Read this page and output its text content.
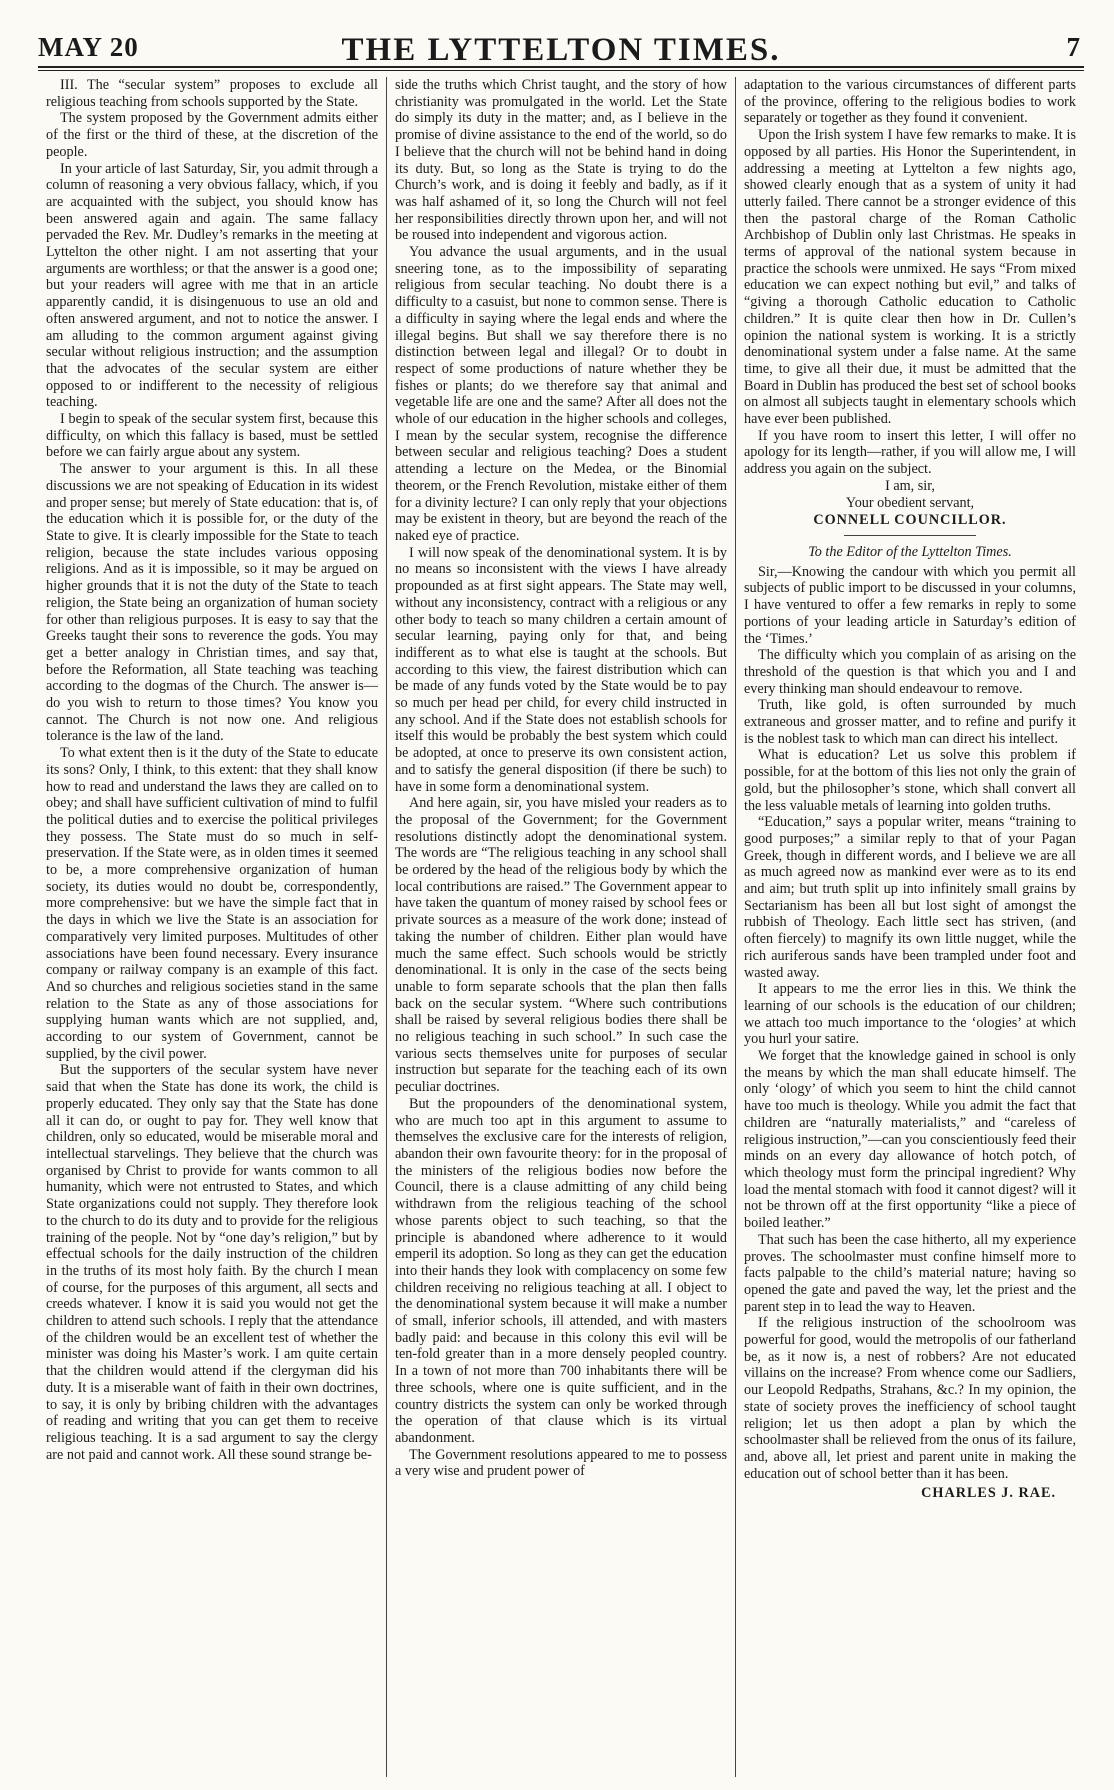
MAY 20	THE LYTTELTON TIMES.	7

III. The “secular system” proposes to exclude all religious teaching from schools supported by the State.

The system proposed by the Government admits either of the first or the third of these, at the discretion of the people.

In your article of last Saturday, Sir, you admit through a column of reasoning a very obvious fallacy, which, if you are acquainted with the subject, you should know has been answered again and again. The same fallacy pervaded the Rev. Mr. Dudley’s remarks in the meeting at Lyttelton the other night. I am not asserting that your arguments are worthless; or that the answer is a good one; but your readers will agree with me that in an article apparently candid, it is disingenuous to use an old and often answered argument, and not to notice the answer. I am alluding to the common argument against giving secular without religious instruction; and the assumption that the advocates of the secular system are either opposed to or indifferent to the necessity of religious teaching.

I begin to speak of the secular system first, because this difficulty, on which this fallacy is based, must be settled before we can fairly argue about any system.

The answer to your argument is this. In all these discussions we are not speaking of Education in its widest and proper sense; but merely of State education: that is, of the education which it is possible for, or the duty of the State to give. It is clearly impossible for the State to teach religion, because the state includes various opposing religions. And as it is impossible, so it may be argued on higher grounds that it is not the duty of the State to teach religion, the State being an organization of human society for other than religious purposes. It is easy to say that the Greeks taught their sons to reverence the gods. You may get a better analogy in Christian times, and say that, before the Reformation, all State teaching was teaching according to the dogmas of the Church. The answer is—do you wish to return to those times? You know you cannot. The Church is not now one. And religious tolerance is the law of the land.

To what extent then is it the duty of the State to educate its sons? Only, I think, to this extent: that they shall know how to read and understand the laws they are called on to obey; and shall have sufficient cultivation of mind to fulfil the political duties and to exercise the political privileges they possess. The State must do so much in self-preservation. If the State were, as in olden times it seemed to be, a more comprehensive organization of human society, its duties would no doubt be, correspondently, more comprehensive: but we have the simple fact that in the days in which we live the State is an association for comparatively very limited purposes. Multitudes of other associations have been found necessary. Every insurance company or railway company is an example of this fact. And so churches and religious societies stand in the same relation to the State as any of those associations for supplying human wants which are not supplied, and, according to our system of Government, cannot be supplied, by the civil power.

But the supporters of the secular system have never said that when the State has done its work, the child is properly educated. They only say that the State has done all it can do, or ought to pay for. They well know that children, only so educated, would be miserable moral and intellectual starvelings. They believe that the church was organised by Christ to provide for wants common to all humanity, which were not entrusted to States, and which State organizations could not supply. They therefore look to the church to do its duty and to provide for the religious training of the people. Not by “one day’s religion,” but by effectual schools for the daily instruction of the children in the truths of its most holy faith. By the church I mean of course, for the purposes of this argument, all sects and creeds whatever. I know it is said you would not get the children to attend such schools. I reply that the attendance of the children would be an excellent test of whether the minister was doing his Master’s work. I am quite certain that the children would attend if the clergyman did his duty. It is a miserable want of faith in their own doctrines, to say, it is only by bribing children with the advantages of reading and writing that you can get them to receive religious teaching. It is a sad argument to say the clergy are not paid and cannot work. All these sound strange be-

side the truths which Christ taught, and the story of how christianity was promulgated in the world. Let the State do simply its duty in the matter; and, as I believe in the promise of divine assistance to the end of the world, so do I believe that the church will not be behind hand in doing its duty. But, so long as the State is trying to do the Church’s work, and is doing it feebly and badly, as if it was half ashamed of it, so long the Church will not feel her responsibilities directly thrown upon her, and will not be roused into independent and vigorous action.

You advance the usual arguments, and in the usual sneering tone, as to the impossibility of separating religious from secular teaching. No doubt there is a difficulty to a casuist, but none to common sense. There is a difficulty in saying where the legal ends and where the illegal begins. But shall we say therefore there is no distinction between legal and illegal? Or to doubt in respect of some productions of nature whether they be fishes or plants; do we therefore say that animal and vegetable life are one and the same? After all does not the whole of our education in the higher schools and colleges, I mean by the secular system, recognise the difference between secular and religious teaching? Does a student attending a lecture on the Medea, or the Binomial theorem, or the French Revolution, mistake either of them for a divinity lecture? I can only reply that your objections may be existent in theory, but are beyond the reach of the naked eye of practice.

I will now speak of the denominational system. It is by no means so inconsistent with the views I have already propounded as at first sight appears. The State may well, without any inconsistency, contract with a religious or any other body to teach so many children a certain amount of secular learning, paying only for that, and being indifferent as to what else is taught at the schools. But according to this view, the fairest distribution which can be made of any funds voted by the State would be to pay so much per head per child, for every child instructed in any school. And if the State does not establish schools for itself this would be probably the best system which could be adopted, at once to preserve its own consistent action, and to satisfy the general disposition (if there be such) to have in some form a denominational system.

And here again, sir, you have misled your readers as to the proposal of the Government; for the Government resolutions distinctly adopt the denominational system. The words are “The religious teaching in any school shall be ordered by the head of the religious body by which the local contributions are raised.” The Government appear to have taken the quantum of money raised by school fees or private sources as a measure of the work done; instead of taking the number of children. Either plan would have much the same effect. Such schools would be strictly denominational. It is only in the case of the sects being unable to form separate schools that the plan then falls back on the secular system. “Where such contributions shall be raised by several religious bodies there shall be no religious teaching in such school.” In such case the various sects themselves unite for purposes of secular instruction but separate for the teaching each of its own peculiar doctrines.

But the propounders of the denominational system, who are much too apt in this argument to assume to themselves the exclusive care for the interests of religion, abandon their own favourite theory: for in the proposal of the ministers of the religious bodies now before the Council, there is a clause admitting of any child being withdrawn from the religious teaching of the school whose parents object to such teaching, so that the principle is abandoned where adherence to it would emperil its adoption. So long as they can get the education into their hands they look with complacency on some few children receiving no religious teaching at all. I object to the denominational system because it will make a number of small, inferior schools, ill attended, and with masters badly paid: and because in this colony this evil will be ten-fold greater than in a more densely peopled country. In a town of not more than 700 inhabitants there will be three schools, where one is quite sufficient, and in the country districts the system can only be worked through the operation of that clause which is its virtual abandonment.

The Government resolutions appeared to me to possess a very wise and prudent power of

adaptation to the various circumstances of different parts of the province, offering to the religious bodies to work separately or together as they found it convenient.

Upon the Irish system I have few remarks to make. It is opposed by all parties. His Honor the Superintendent, in addressing a meeting at Lyttelton a few nights ago, showed clearly enough that as a system of unity it had utterly failed. There cannot be a stronger evidence of this then the pastoral charge of the Roman Catholic Archbishop of Dublin only last Christmas. He speaks in terms of approval of the national system because in practice the schools were unmixed. He says “From mixed education we can expect nothing but evil,” and talks of “giving a thorough Catholic education to Catholic children.” It is quite clear then how in Dr. Cullen’s opinion the national system is working. It is a strictly denominational system under a false name. At the same time, to give all their due, it must be admitted that the Board in Dublin has produced the best set of school books on almost all subjects taught in elementary schools which have ever been published.

If you have room to insert this letter, I will offer no apology for its length—rather, if you will allow me, I will address you again on the subject.

I am, sir,

Your obedient servant,

CONNELL COUNCILLOR.

To the Editor of the Lyttelton Times.

Sir,—Knowing the candour with which you permit all subjects of public import to be discussed in your columns, I have ventured to offer a few remarks in reply to some portions of your leading article in Saturday’s edition of the ‘Times.’

The difficulty which you complain of as arising on the threshold of the question is that which you and I and every thinking man should endeavour to remove.

Truth, like gold, is often surrounded by much extraneous and grosser matter, and to refine and purify it is the noblest task to which man can direct his intellect.

What is education? Let us solve this problem if possible, for at the bottom of this lies not only the grain of gold, but the philosopher’s stone, which shall convert all the less valuable metals of learning into golden truths.

“Education,” says a popular writer, means “training to good purposes;” a similar reply to that of your Pagan Greek, though in different words, and I believe we are all as much agreed now as mankind ever were as to its end and aim; but truth split up into infinitely small grains by Sectarianism has been all but lost sight of amongst the rubbish of Theology. Each little sect has striven, (and often fiercely) to magnify its own little nugget, while the rich auriferous sands have been trampled under foot and wasted away.

It appears to me the error lies in this. We think the learning of our schools is the education of our children; we attach too much importance to the ‘ologies’ at which you hurl your satire.

We forget that the knowledge gained in school is only the means by which the man shall educate himself. The only ‘ology’ of which you seem to hint the child cannot have too much is theology. While you admit the fact that children are “naturally materialists,” and “careless of religious instruction,”—can you conscientiously feed their minds on an every day allowance of hotch potch, of which theology must form the principal ingredient? Why load the mental stomach with food it cannot digest? will it not be thrown off at the first opportunity “like a piece of boiled leather.”

That such has been the case hitherto, all my experience proves. The schoolmaster must confine himself more to facts palpable to the child’s material nature; having so opened the gate and paved the way, let the priest and the parent step in to lead the way to Heaven.

If the religious instruction of the schoolroom was powerful for good, would the metropolis of our fatherland be, as it now is, a nest of robbers? Are not educated villains on the increase? From whence come our Sadliers, our Leopold Redpaths, Strahans, &c.? In my opinion, the state of society proves the inefficiency of school taught religion; let us then adopt a plan by which the schoolmaster shall be relieved from the onus of its failure, and, above all, let priest and parent unite in making the education out of school better than it has been.

CHARLES J. RAE.
